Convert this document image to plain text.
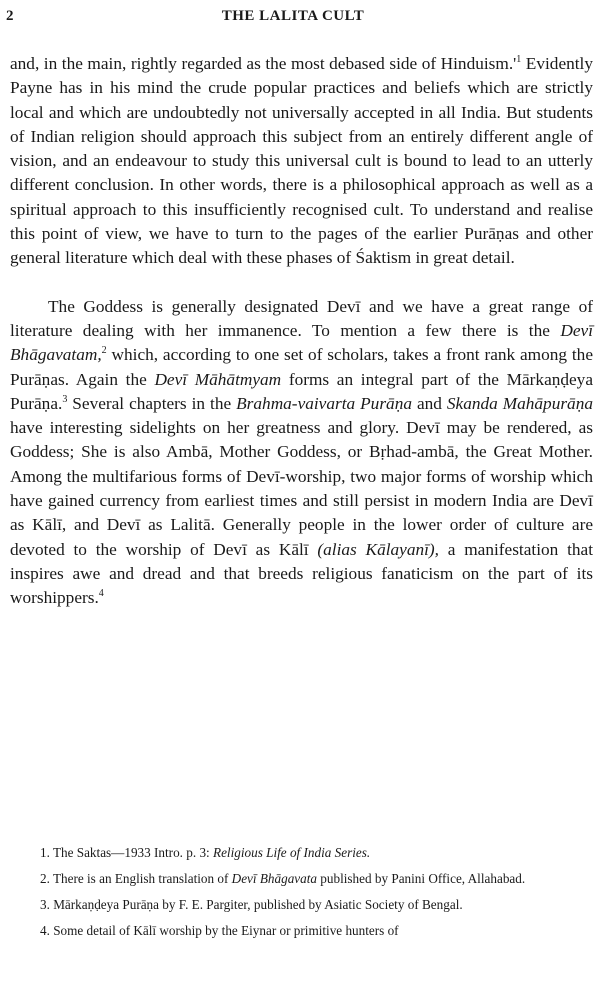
2	THE LALITA CULT

and, in the main, rightly regarded as the most debased side of $Hinduism.'^1$ Evidently Payne has in his mind the crude popular practices and beliefs which are strictly local and which are undoubtedly not universally accepted in all India. But students of Indian religion should approach this subject from an entirely different angle of vision, and an endeavour to study this universal cult is bound to lead to an utterly different conclusion. In other words, there is a philosophical approach as well as a spiritual approach to this insufficiently recognised cult. To understand and realise this point of view, we have to turn to the pages of the earlier Purāṇas and other general literature which deal with these phases of Śaktism in great detail.

The Goddess is generally designated Devī and we have a great range of literature dealing with her immanence. To mention a few there is the Devī Bhāgavatam,$^2$ which, according to one set of scholars, takes a front rank among the Purāṇas. Again the Devī Māhātmyam forms an integral part of the Mārkaṇḍeya Purāṇa.$^3$ Several chapters in the Brahma-vaivarta Purāṇa and Skanda Mahāpurāṇa have interesting sidelights on her greatness and glory. Devī may be rendered, as Goddess; She is also Ambā, Mother Goddess, or Bṛhad-ambā, the Great Mother. Among the multifarious forms of Devī-worship, two major forms of worship which have gained currency from earliest times and still persist in modern India are Devī as Kālī, and Devī as Lalitā. Generally people in the lower order of culture are devoted to the worship of Devī as Kālī (alias Kālayanī), a manifestation that inspires awe and dread and that breeds religious fanaticism on the part of its worshippers.$^4$

1. The Saktas—1933 Intro. p. 3: Religious Life of India Series.

2. There is an English translation of Devī Bhāgavata published by Panini Office, Allahabad.

3. Mārkaṇḍeya Purāṇa by F. E. Pargiter, published by Asiatic Society of Bengal.

4. Some detail of Kālī worship by the Eiynar or primitive hunters of
